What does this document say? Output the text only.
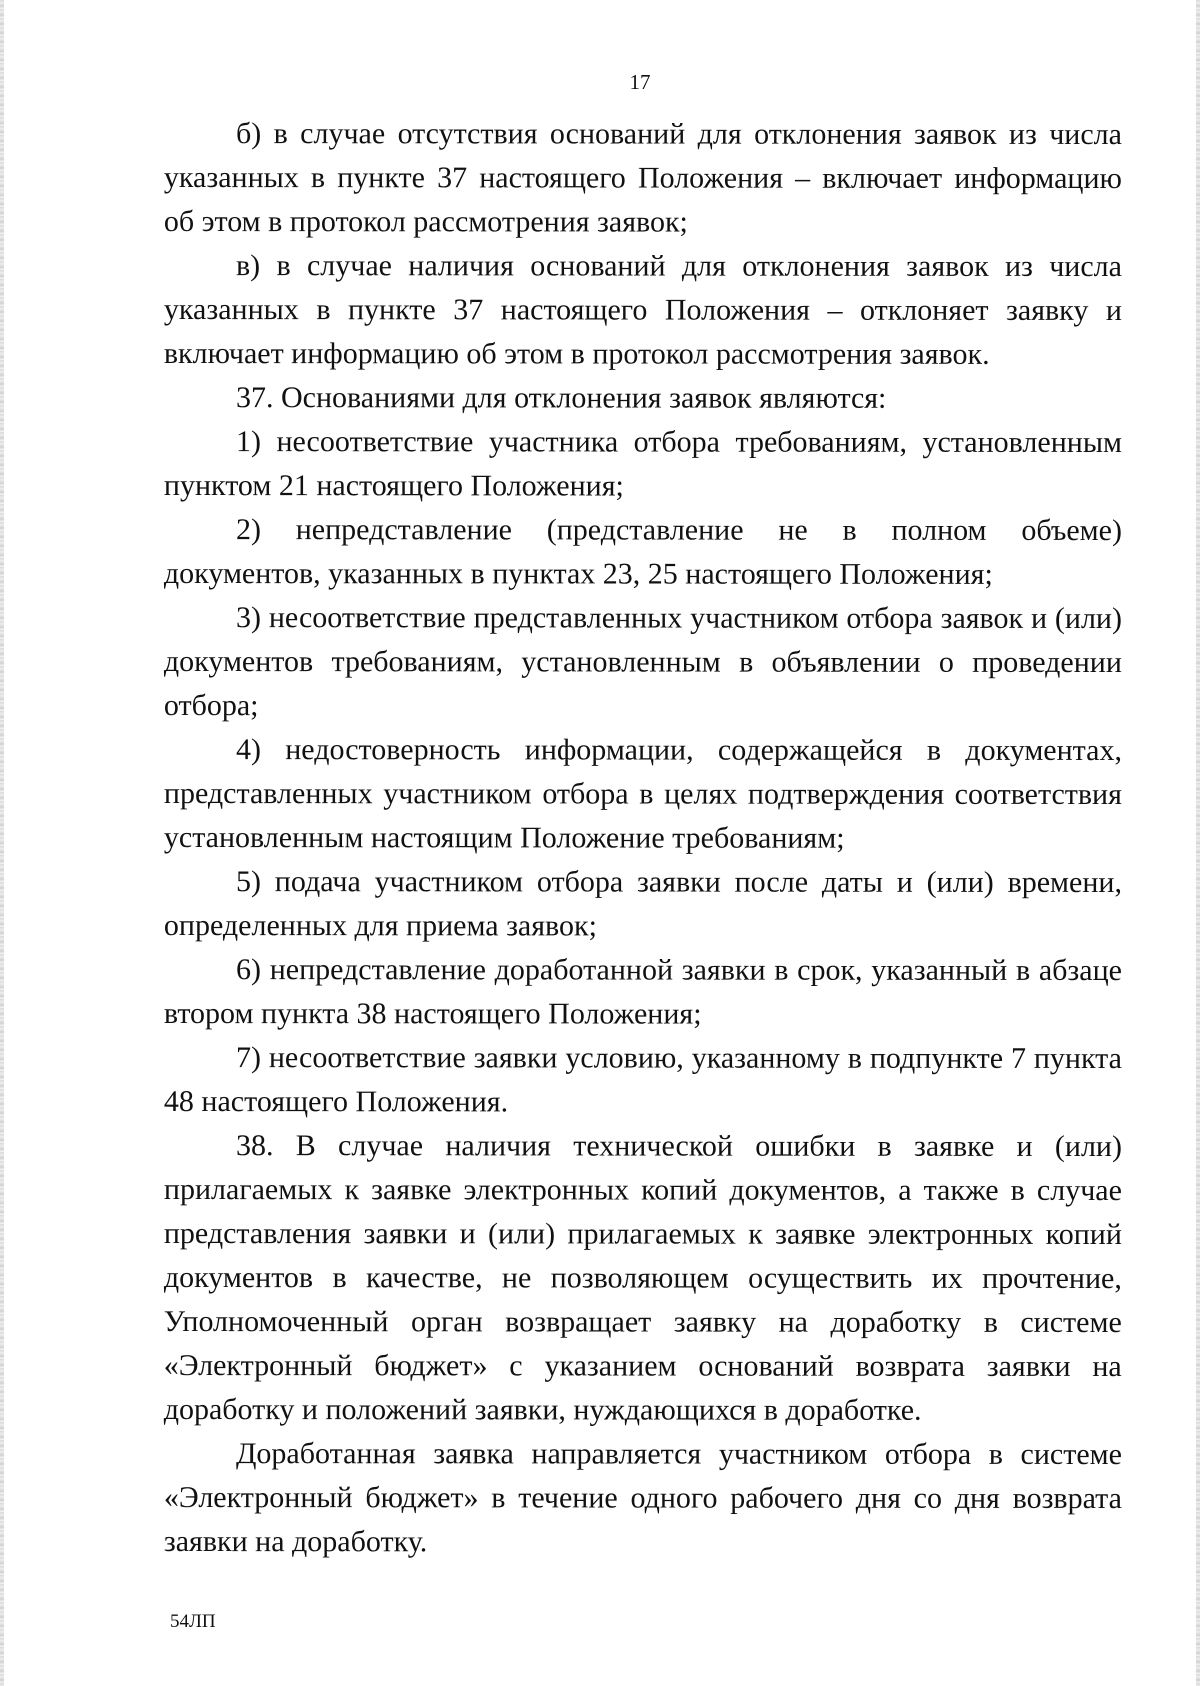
17

б) в случае отсутствия оснований для отклонения заявок из числа указанных в пункте 37 настоящего Положения – включает информацию об этом в протокол рассмотрения заявок;

в) в случае наличия оснований для отклонения заявок из числа указанных в пункте 37 настоящего Положения – отклоняет заявку и включает информацию об этом в протокол рассмотрения заявок.

37. Основаниями для отклонения заявок являются:

1) несоответствие участника отбора требованиям, установленным пунктом 21 настоящего Положения;

2) непредставление (представление не в полном объеме) документов, указанных в пунктах 23, 25 настоящего Положения;

3) несоответствие представленных участником отбора заявок и (или) документов требованиям, установленным в объявлении о проведении отбора;

4) недостоверность информации, содержащейся в документах, представленных участником отбора в целях подтверждения соответствия установленным настоящим Положение требованиям;

5) подача участником отбора заявки после даты и (или) времени, определенных для приема заявок;

6) непредставление доработанной заявки в срок, указанный в абзаце втором пункта 38 настоящего Положения;

7) несоответствие заявки условию, указанному в подпункте 7 пункта 48 настоящего Положения.

38. В случае наличия технической ошибки в заявке и (или) прилагаемых к заявке электронных копий документов, а также в случае представления заявки и (или) прилагаемых к заявке электронных копий документов в качестве, не позволяющем осуществить их прочтение, Уполномоченный орган возвращает заявку на доработку в системе «Электронный бюджет» с указанием оснований возврата заявки на доработку и положений заявки, нуждающихся в доработке.

Доработанная заявка направляется участником отбора в системе «Электронный бюджет» в течение одного рабочего дня со дня возврата заявки на доработку.

54ЛП
